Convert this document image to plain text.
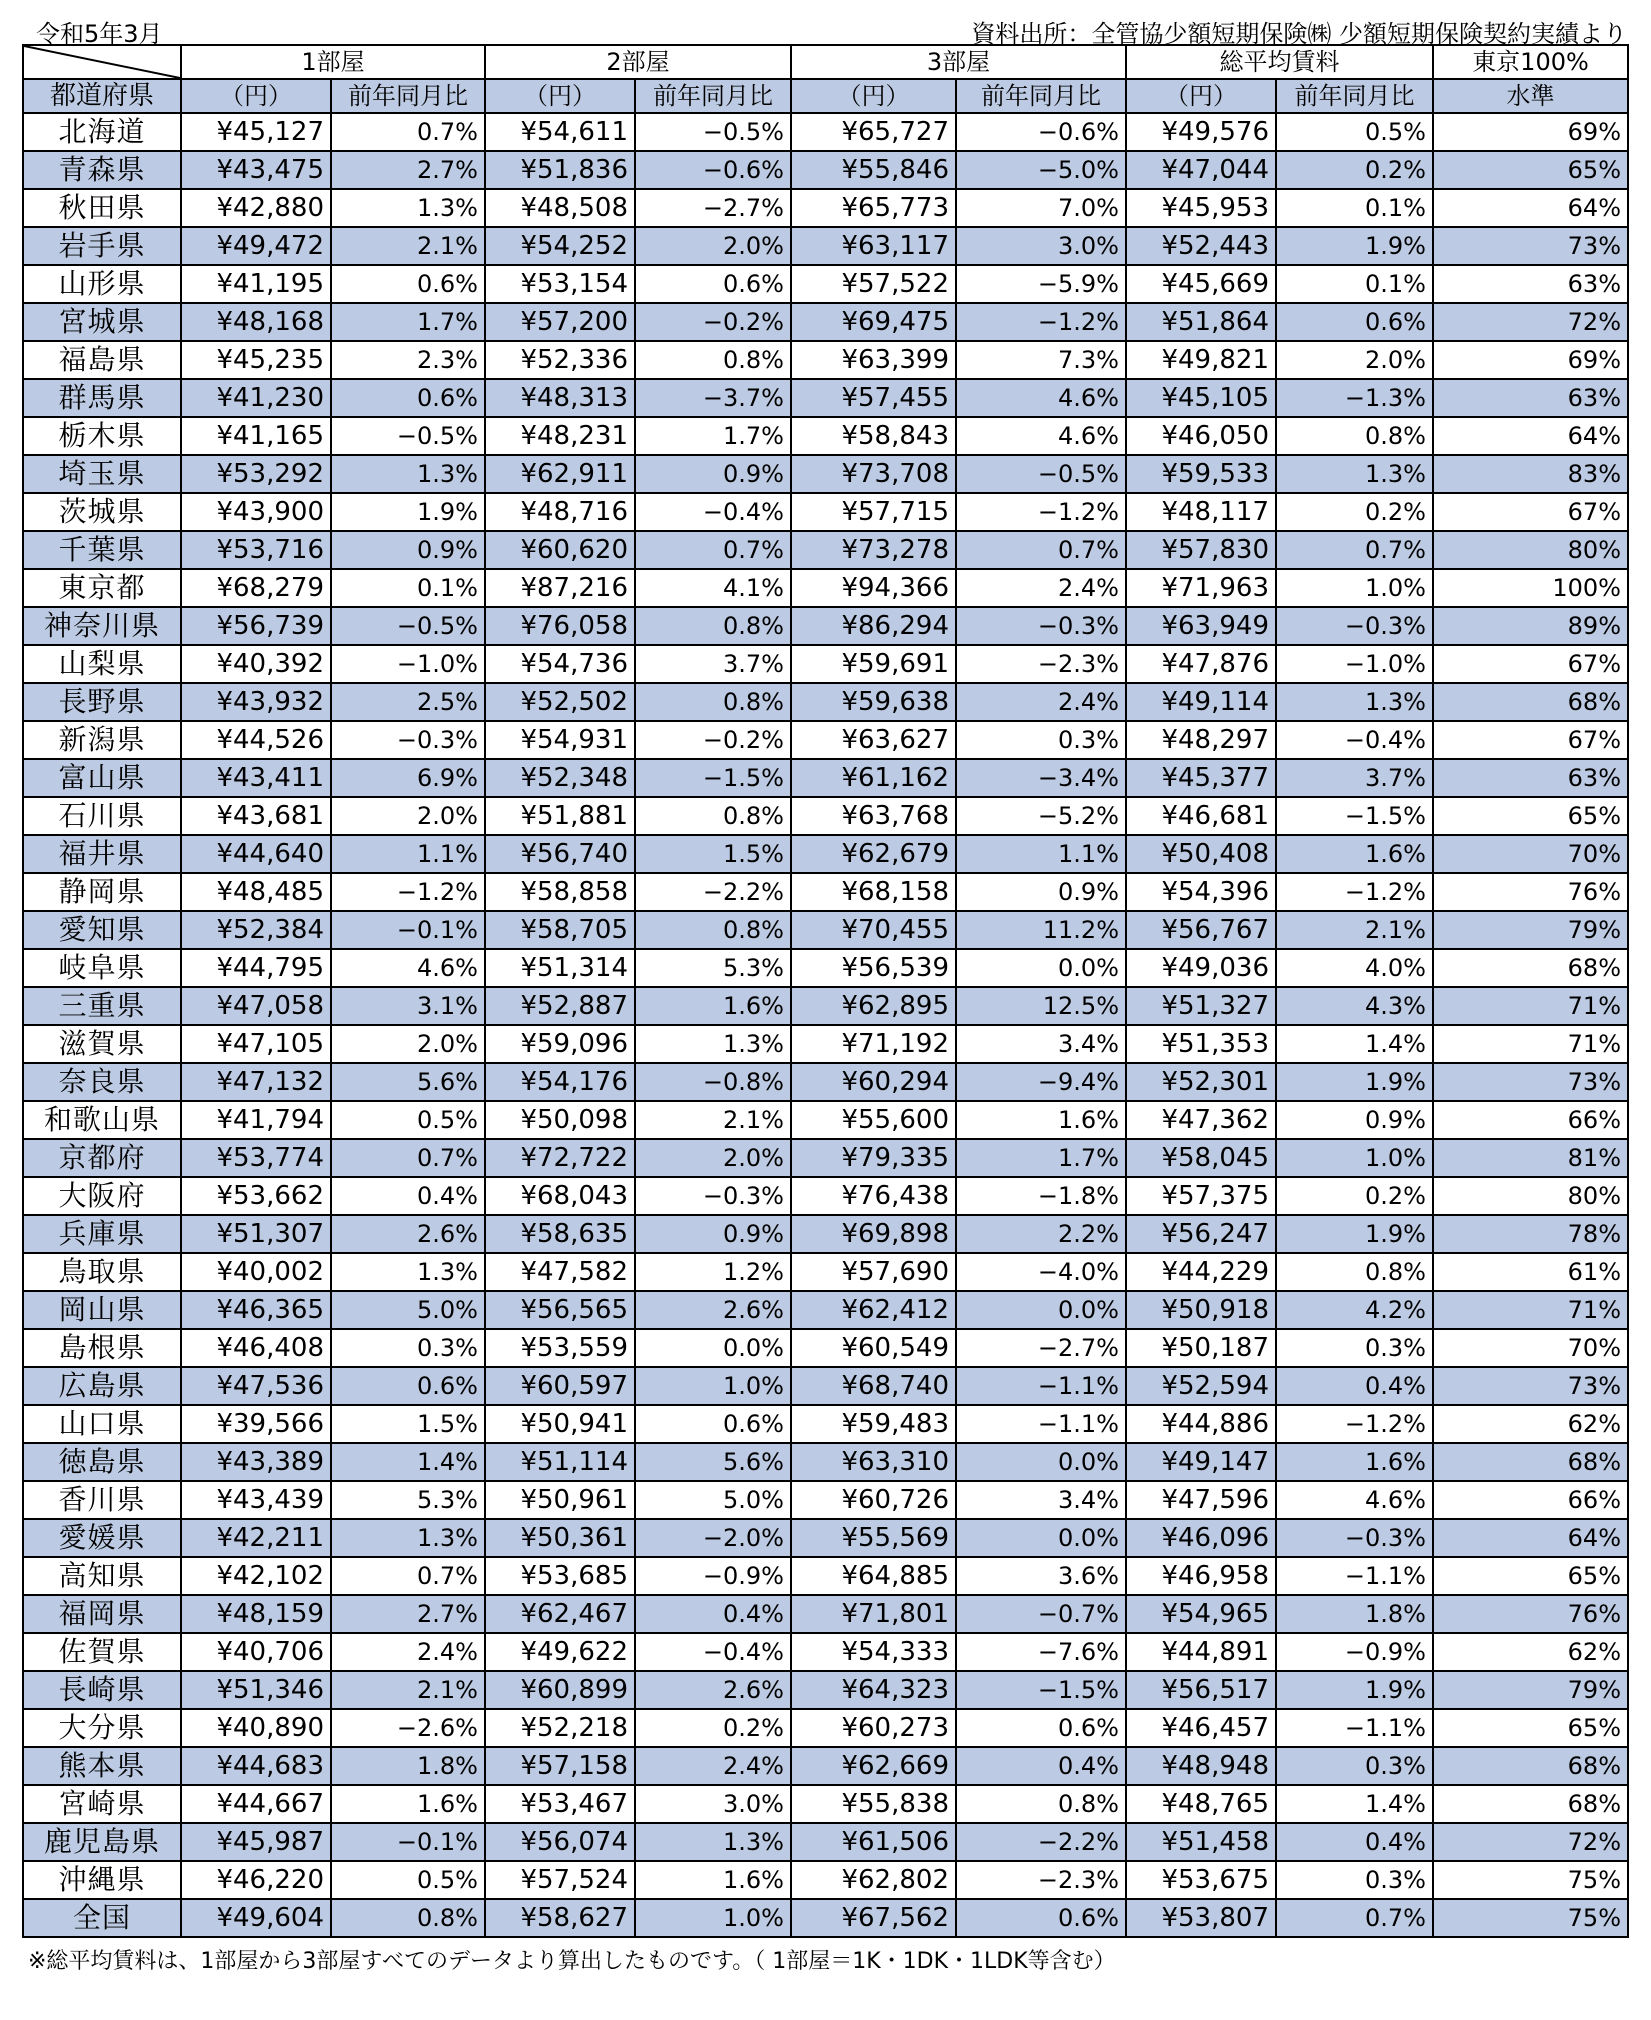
令和5年3月	資料出所：全管協少額短期保険㈱ 少額短期保険契約実績より
	1部屋		2部屋		3部屋		総平均賃料		東京100%
都道府県	（円）	前年同月比	（円）	前年同月比	（円）	前年同月比	（円）	前年同月比	水準
北海道	¥45,127	0.7%	¥54,611	−0.5%	¥65,727	−0.6%	¥49,576	0.5%	69%
青森県	¥43,475	2.7%	¥51,836	−0.6%	¥55,846	−5.0%	¥47,044	0.2%	65%
秋田県	¥42,880	1.3%	¥48,508	−2.7%	¥65,773	7.0%	¥45,953	0.1%	64%
岩手県	¥49,472	2.1%	¥54,252	2.0%	¥63,117	3.0%	¥52,443	1.9%	73%
山形県	¥41,195	0.6%	¥53,154	0.6%	¥57,522	−5.9%	¥45,669	0.1%	63%
宮城県	¥48,168	1.7%	¥57,200	−0.2%	¥69,475	−1.2%	¥51,864	0.6%	72%
福島県	¥45,235	2.3%	¥52,336	0.8%	¥63,399	7.3%	¥49,821	2.0%	69%
群馬県	¥41,230	0.6%	¥48,313	−3.7%	¥57,455	4.6%	¥45,105	−1.3%	63%
栃木県	¥41,165	−0.5%	¥48,231	1.7%	¥58,843	4.6%	¥46,050	0.8%	64%
埼玉県	¥53,292	1.3%	¥62,911	0.9%	¥73,708	−0.5%	¥59,533	1.3%	83%
茨城県	¥43,900	1.9%	¥48,716	−0.4%	¥57,715	−1.2%	¥48,117	0.2%	67%
千葉県	¥53,716	0.9%	¥60,620	0.7%	¥73,278	0.7%	¥57,830	0.7%	80%
東京都	¥68,279	0.1%	¥87,216	4.1%	¥94,366	2.4%	¥71,963	1.0%	100%
神奈川県	¥56,739	−0.5%	¥76,058	0.8%	¥86,294	−0.3%	¥63,949	−0.3%	89%
山梨県	¥40,392	−1.0%	¥54,736	3.7%	¥59,691	−2.3%	¥47,876	−1.0%	67%
長野県	¥43,932	2.5%	¥52,502	0.8%	¥59,638	2.4%	¥49,114	1.3%	68%
新潟県	¥44,526	−0.3%	¥54,931	−0.2%	¥63,627	0.3%	¥48,297	−0.4%	67%
富山県	¥43,411	6.9%	¥52,348	−1.5%	¥61,162	−3.4%	¥45,377	3.7%	63%
石川県	¥43,681	2.0%	¥51,881	0.8%	¥63,768	−5.2%	¥46,681	−1.5%	65%
福井県	¥44,640	1.1%	¥56,740	1.5%	¥62,679	1.1%	¥50,408	1.6%	70%
静岡県	¥48,485	−1.2%	¥58,858	−2.2%	¥68,158	0.9%	¥54,396	−1.2%	76%
愛知県	¥52,384	−0.1%	¥58,705	0.8%	¥70,455	11.2%	¥56,767	2.1%	79%
岐阜県	¥44,795	4.6%	¥51,314	5.3%	¥56,539	0.0%	¥49,036	4.0%	68%
三重県	¥47,058	3.1%	¥52,887	1.6%	¥62,895	12.5%	¥51,327	4.3%	71%
滋賀県	¥47,105	2.0%	¥59,096	1.3%	¥71,192	3.4%	¥51,353	1.4%	71%
奈良県	¥47,132	5.6%	¥54,176	−0.8%	¥60,294	−9.4%	¥52,301	1.9%	73%
和歌山県	¥41,794	0.5%	¥50,098	2.1%	¥55,600	1.6%	¥47,362	0.9%	66%
京都府	¥53,774	0.7%	¥72,722	2.0%	¥79,335	1.7%	¥58,045	1.0%	81%
大阪府	¥53,662	0.4%	¥68,043	−0.3%	¥76,438	−1.8%	¥57,375	0.2%	80%
兵庫県	¥51,307	2.6%	¥58,635	0.9%	¥69,898	2.2%	¥56,247	1.9%	78%
鳥取県	¥40,002	1.3%	¥47,582	1.2%	¥57,690	−4.0%	¥44,229	0.8%	61%
岡山県	¥46,365	5.0%	¥56,565	2.6%	¥62,412	0.0%	¥50,918	4.2%	71%
島根県	¥46,408	0.3%	¥53,559	0.0%	¥60,549	−2.7%	¥50,187	0.3%	70%
広島県	¥47,536	0.6%	¥60,597	1.0%	¥68,740	−1.1%	¥52,594	0.4%	73%
山口県	¥39,566	1.5%	¥50,941	0.6%	¥59,483	−1.1%	¥44,886	−1.2%	62%
徳島県	¥43,389	1.4%	¥51,114	5.6%	¥63,310	0.0%	¥49,147	1.6%	68%
香川県	¥43,439	5.3%	¥50,961	5.0%	¥60,726	3.4%	¥47,596	4.6%	66%
愛媛県	¥42,211	1.3%	¥50,361	−2.0%	¥55,569	0.0%	¥46,096	−0.3%	64%
高知県	¥42,102	0.7%	¥53,685	−0.9%	¥64,885	3.6%	¥46,958	−1.1%	65%
福岡県	¥48,159	2.7%	¥62,467	0.4%	¥71,801	−0.7%	¥54,965	1.8%	76%
佐賀県	¥40,706	2.4%	¥49,622	−0.4%	¥54,333	−7.6%	¥44,891	−0.9%	62%
長崎県	¥51,346	2.1%	¥60,899	2.6%	¥64,323	−1.5%	¥56,517	1.9%	79%
大分県	¥40,890	−2.6%	¥52,218	0.2%	¥60,273	0.6%	¥46,457	−1.1%	65%
熊本県	¥44,683	1.8%	¥57,158	2.4%	¥62,669	0.4%	¥48,948	0.3%	68%
宮崎県	¥44,667	1.6%	¥53,467	3.0%	¥55,838	0.8%	¥48,765	1.4%	68%
鹿児島県	¥45,987	−0.1%	¥56,074	1.3%	¥61,506	−2.2%	¥51,458	0.4%	72%
沖縄県	¥46,220	0.5%	¥57,524	1.6%	¥62,802	−2.3%	¥53,675	0.3%	75%
全国	¥49,604	0.8%	¥58,627	1.0%	¥67,562	0.6%	¥53,807	0.7%	75%
※総平均賃料は、1部屋から3部屋すべてのデータより算出したものです。（ 1部屋＝1K・1DK・1LDK等含む）
